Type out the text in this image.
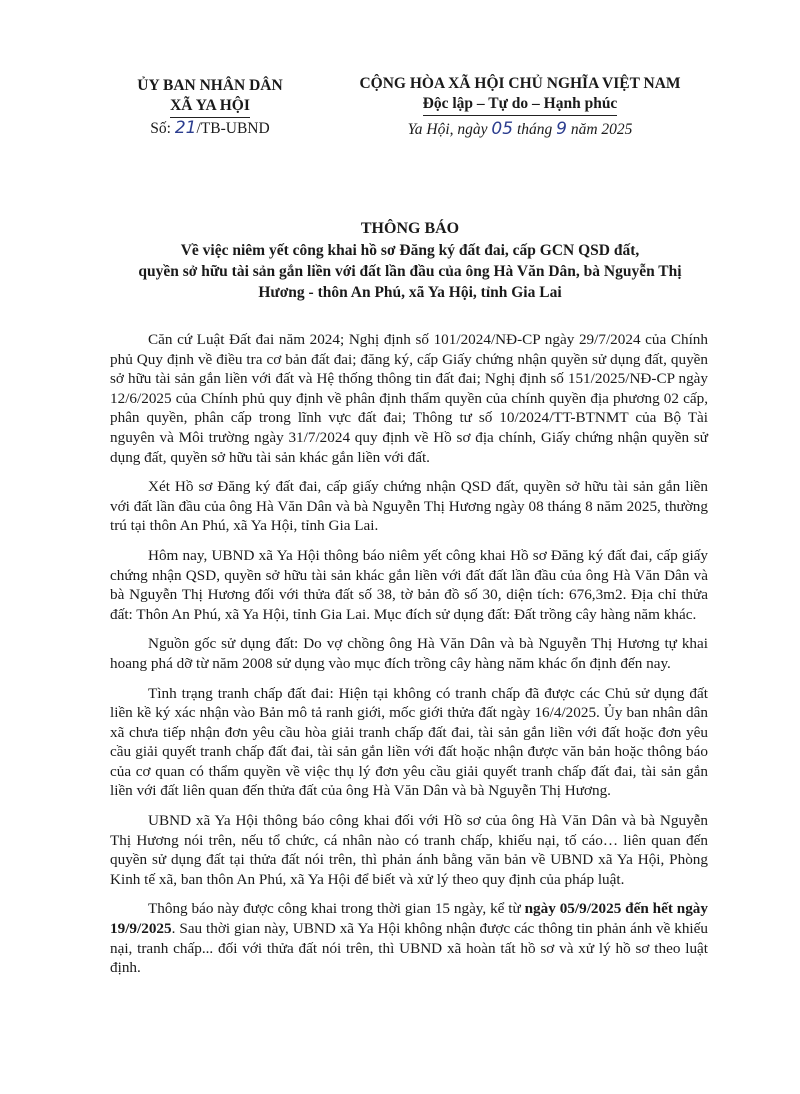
ỦY BAN NHÂN DÂN
XÃ YA HỘI
Số: 21/TB-UBND
CỘNG HÒA XÃ HỘI CHỦ NGHĨA VIỆT NAM
Độc lập – Tự do – Hạnh phúc
Ya Hội, ngày 05 tháng 9 năm 2025
THÔNG BÁO
Về việc niêm yết công khai hồ sơ Đăng ký đất đai, cấp GCN QSD đất,
quyền sở hữu tài sản gắn liền với đất lần đầu của ông Hà Văn Dân, bà Nguyễn Thị
Hương - thôn An Phú, xã Ya Hội, tỉnh Gia Lai

Căn cứ Luật Đất đai năm 2024; Nghị định số 101/2024/NĐ-CP ngày 29/7/2024 của Chính phủ Quy định về điều tra cơ bản đất đai; đăng ký, cấp Giấy chứng nhận quyền sử dụng đất, quyền sở hữu tài sản gắn liền với đất và Hệ thống thông tin đất đai; Nghị định số 151/2025/NĐ-CP ngày 12/6/2025 của Chính phủ quy định về phân định thẩm quyền của chính quyền địa phương 02 cấp, phân quyền, phân cấp trong lĩnh vực đất đai; Thông tư số 10/2024/TT-BTNMT của Bộ Tài nguyên và Môi trường ngày 31/7/2024 quy định về Hồ sơ địa chính, Giấy chứng nhận quyền sử dụng đất, quyền sở hữu tài sản khác gắn liền với đất.

Xét Hồ sơ Đăng ký đất đai, cấp giấy chứng nhận QSD đất, quyền sở hữu tài sản gắn liền với đất lần đầu của ông Hà Văn Dân và bà Nguyễn Thị Hương ngày 08 tháng 8 năm 2025, thường trú tại thôn An Phú, xã Ya Hội, tỉnh Gia Lai.

Hôm nay, UBND xã Ya Hội thông báo niêm yết công khai Hồ sơ Đăng ký đất đai, cấp giấy chứng nhận QSD, quyền sở hữu tài sản khác gắn liền với đất đất lần đầu của ông Hà Văn Dân và bà Nguyễn Thị Hương đối với thửa đất số 38, tờ bản đồ số 30, diện tích: 676,3m2. Địa chỉ thửa đất: Thôn An Phú, xã Ya Hội, tỉnh Gia Lai. Mục đích sử dụng đất: Đất trồng cây hàng năm khác.

Nguồn gốc sử dụng đất: Do vợ chồng ông Hà Văn Dân và bà Nguyễn Thị Hương tự khai hoang phá dỡ từ năm 2008 sử dụng vào mục đích trồng cây hàng năm khác ổn định đến nay.

Tình trạng tranh chấp đất đai: Hiện tại không có tranh chấp đã được các Chủ sử dụng đất liền kề ký xác nhận vào Bản mô tả ranh giới, mốc giới thửa đất ngày 16/4/2025. Ủy ban nhân dân xã chưa tiếp nhận đơn yêu cầu hòa giải tranh chấp đất đai, tài sản gắn liền với đất hoặc đơn yêu cầu giải quyết tranh chấp đất đai, tài sản gắn liền với đất hoặc nhận được văn bản hoặc thông báo của cơ quan có thẩm quyền về việc thụ lý đơn yêu cầu giải quyết tranh chấp đất đai, tài sản gắn liền với đất liên quan đến thửa đất của ông Hà Văn Dân và bà Nguyễn Thị Hương.

UBND xã Ya Hội thông báo công khai đối với Hồ sơ của ông Hà Văn Dân và bà Nguyễn Thị Hương nói trên, nếu tổ chức, cá nhân nào có tranh chấp, khiếu nại, tố cáo… liên quan đến quyền sử dụng đất tại thửa đất nói trên, thì phản ánh bằng văn bản về UBND xã Ya Hội, Phòng Kinh tế xã, ban thôn An Phú, xã Ya Hội để biết và xử lý theo quy định của pháp luật.

Thông báo này được công khai trong thời gian 15 ngày, kể từ ngày 05/9/2025 đến hết ngày 19/9/2025. Sau thời gian này, UBND xã Ya Hội không nhận được các thông tin phản ánh về khiếu nại, tranh chấp... đối với thửa đất nói trên, thì UBND xã hoàn tất hồ sơ và xử lý hồ sơ theo luật định.
